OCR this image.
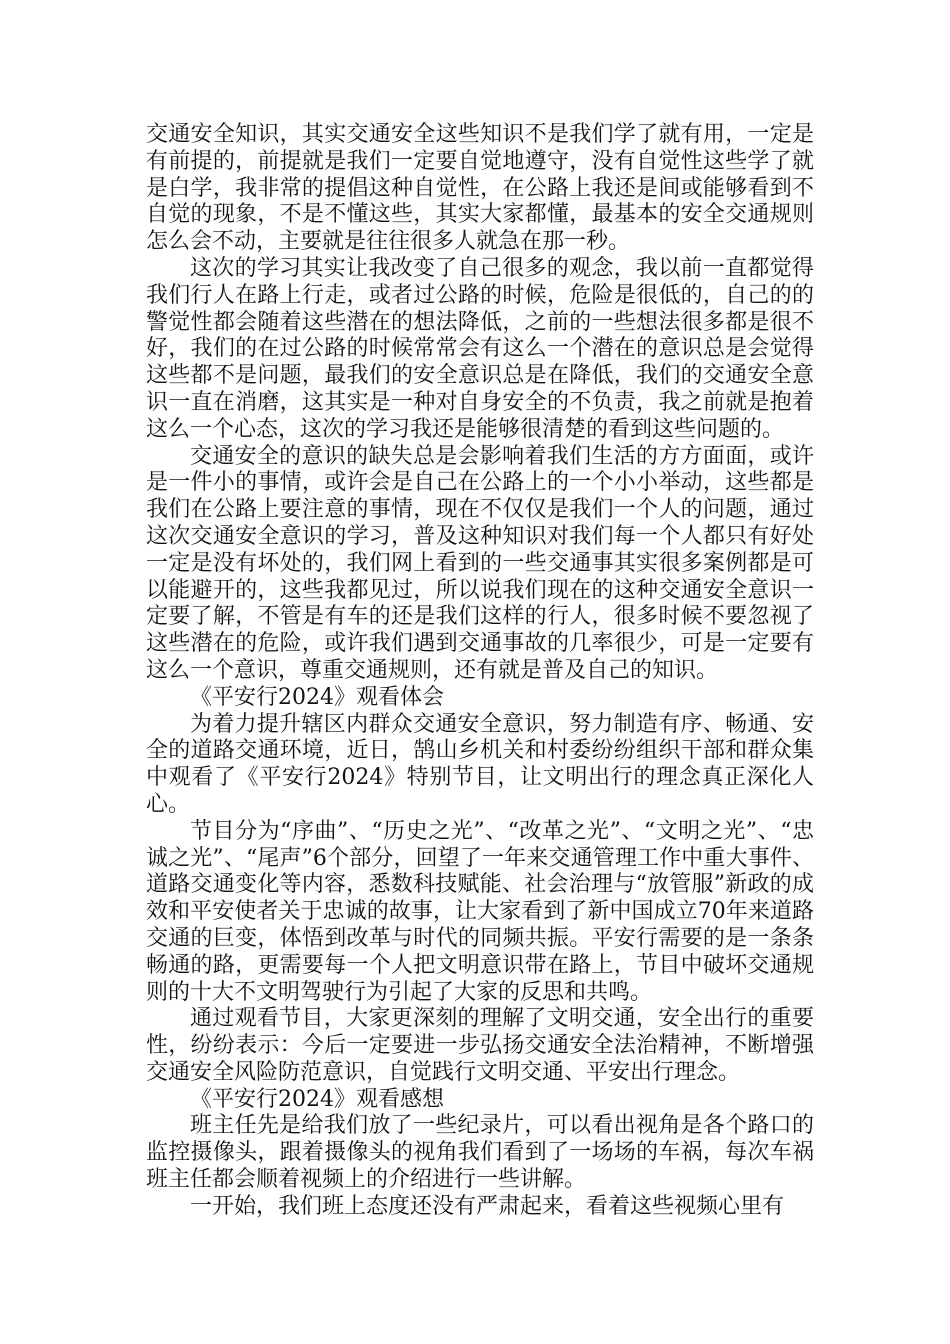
交通安全知识，其实交通安全这些知识不是我们学了就有用，一定是有前提的，前提就是我们一定要自觉地遵守，没有自觉性这些学了就是白学，我非常的提倡这种自觉性，在公路上我还是间或能够看到不自觉的现象，不是不懂这些，其实大家都懂，最基本的安全交通规则怎么会不动，主要就是往往很多人就急在那一秒。

这次的学习其实让我改变了自己很多的观念，我以前一直都觉得我们行人在路上行走，或者过公路的时候，危险是很低的，自己的的警觉性都会随着这些潜在的想法降低，之前的一些想法很多都是很不好，我们的在过公路的时候常常会有这么一个潜在的意识总是会觉得这些都不是问题，最我们的安全意识总是在降低，我们的交通安全意识一直在消磨，这其实是一种对自身安全的不负责，我之前就是抱着这么一个心态，这次的学习我还是能够很清楚的看到这些问题的。

交通安全的意识的缺失总是会影响着我们生活的方方面面，或许是一件小的事情，或许会是自己在公路上的一个小小举动，这些都是我们在公路上要注意的事情，现在不仅仅是我们一个人的问题，通过这次交通安全意识的学习，普及这种知识对我们每一个人都只有好处一定是没有坏处的，我们网上看到的一些交通事其实很多案例都是可以能避开的，这些我都见过，所以说我们现在的这种交通安全意识一定要了解，不管是有车的还是我们这样的行人，很多时候不要忽视了这些潜在的危险，或许我们遇到交通事故的几率很少，可是一定要有这么一个意识，尊重交通规则，还有就是普及自己的知识。

《平安行2024》观看体会

为着力提升辖区内群众交通安全意识，努力制造有序、畅通、安全的道路交通环境，近日，鹄山乡机关和村委纷纷组织干部和群众集中观看了《平安行2024》特别节目，让文明出行的理念真正深化人心。

节目分为“序曲”、“历史之光”、“改革之光”、“文明之光”、“忠诚之光”、“尾声”6个部分，回望了一年来交通管理工作中重大事件、道路交通变化等内容，悉数科技赋能、社会治理与“放管服”新政的成效和平安使者关于忠诚的故事，让大家看到了新中国成立70年来道路交通的巨变，体悟到改革与时代的同频共振。平安行需要的是一条条畅通的路，更需要每一个人把文明意识带在路上，节目中破坏交通规则的十大不文明驾驶行为引起了大家的反思和共鸣。

通过观看节目，大家更深刻的理解了文明交通，安全出行的重要性，纷纷表示：今后一定要进一步弘扬交通安全法治精神，不断增强交通安全风险防范意识，自觉践行文明交通、平安出行理念。

《平安行2024》观看感想

班主任先是给我们放了一些纪录片，可以看出视角是各个路口的监控摄像头，跟着摄像头的视角我们看到了一场场的车祸，每次车祸班主任都会顺着视频上的介绍进行一些讲解。

一开始，我们班上态度还没有严肃起来，看着这些视频心里有
